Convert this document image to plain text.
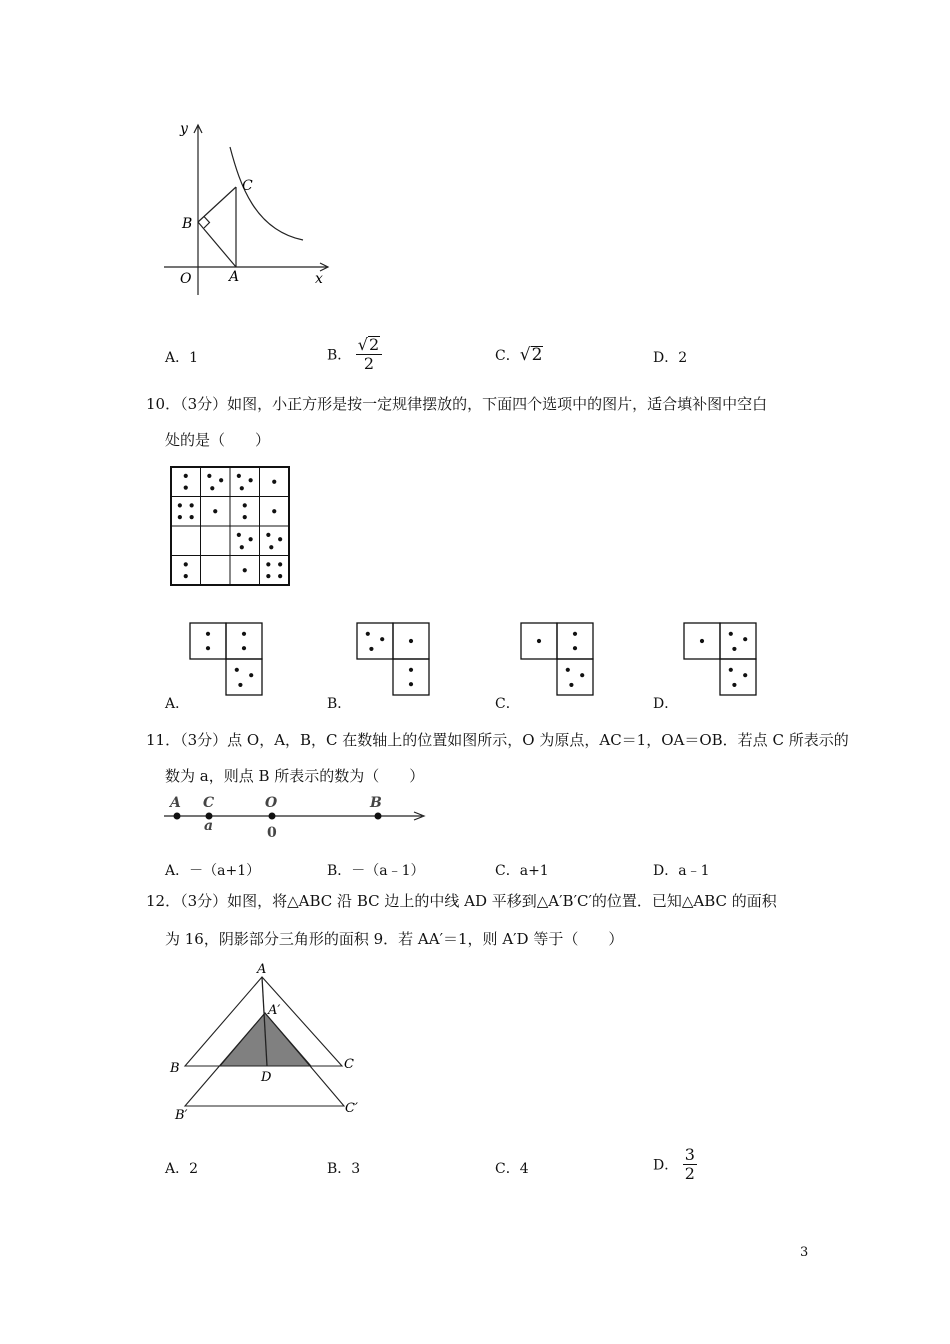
y
x
O	A
B
C
A．1	B． $\frac{√2}{2}$	C．√2	D．2
10．（3分）如图，小正方形是按一定规律摆放的，下面四个选项中的图片，适合填补图中空白
处的是（　　）
A．	B．	C．	D．
11．（3分）点 O，A，B，C 在数轴上的位置如图所示，O 为原点，AC＝1，OA＝OB．若点 C 所表示的
数为 a，则点 B 所表示的数为（　　）
A C	O	B
a	0
A．－（a+1）	B．－（a﹣1）	C．a+1	D．a﹣1
12．（3分）如图，将△ABC 沿 BC 边上的中线 AD 平移到△A′B′C′的位置．已知△ABC 的面积
为 16，阴影部分三角形的面积 9．若 AA′＝1，则 A′D 等于（　　）
A
A′
B	C
D
B′	C′
A．2	B．3	C．4	D． $\frac{3}{2}$
3
